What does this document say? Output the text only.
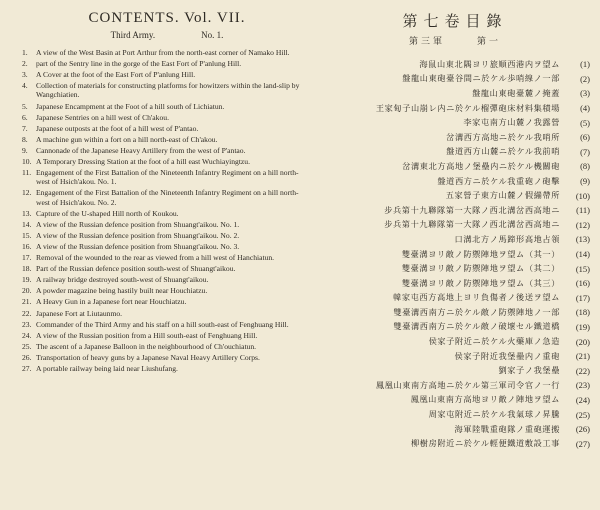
CONTENTS. Vol. VII.
Third Army.	No. 1.
1.	A view of the West Basin at Port Arthur from the north-east corner of Namako Hill.
2.	part of the Sentry line in the gorge of the East Fort of P'anlung Hill.
3.	A Cover at the foot of the East Fort of P'anlung Hill.
4.	Collection of materials for constructing platforms for howitzers within the land-slip by Wangchiatien.
5.	Japanese Encampment at the Foot of a hill south of Lichiatun.
6.	Japanese Sentries on a hill west of Ch'akou.
7.	Japanese outposts at the foot of a hill west of P'antao.
8.	A machine gun within a fort on a hill north-east of Ch'akou.
9.	Cannonade of the Japanese Heavy Artillery from the west of P'antao.
10. A Temporary Dressing Station at the foot of a hill east Wuchiayingtzu.
11. Engagement of the First Battalion of the Nineteenth Infantry Regiment on a hill north-west of Hsich'akou. No. 1.
12. Engagement of the First Battalion of the Nineteenth Infantry Regiment on a hill north-west of Hsich'akou. No. 2.
13. Capture of the U-shaped Hill north of Koukou.
14. A view of the Russian defence position from Shuangt'aikou. No. 1.
15. A view of the Russian defence position from Shuangt'aikou. No. 2.
16. A view of the Russian defence position from Shuangt'aikou. No. 3.
17. Removal of the wounded to the rear as viewed from a hill west of Hanchiatun.
18. Part of the Russian defence position south-west of Shuangt'aikou.
19. A railway bridge destroyed south-west of Shuangt'aikou.
20. A powder magazine being hastily built near Houchiatzu.
21. A Heavy Gun in a Japanese fort near Houchiatzu.
22. Japanese Fort at Liutaunmo.
23. Commander of the Third Army and his staff on a hill south-east of Fenghuang Hill.
24. A view of the Russian position from a Hill south-east of Fenghuang Hill.
25. The ascent of a Japanese Balloon in the neighbourhood of Ch'ouchiatun.
26. Transportation of heavy guns by a Japanese Naval Heavy Artillery Corps.
27. A portable railway being laid near Liushufang.
第七卷目錄
第三軍	第一
海鼠山東北隅ヨリ旅順西港内ヲ望ム	(1)
盤龍山東砲臺谷間ニ於ケル歩哨線ノ一部	(2)
盤龍山東砲臺麓ノ掩蓋	(3)
王家甸子山崩レ内ニ於ケル榴彈砲床材料集積場	(4)
李家屯南方山麓ノ我露營	(5)
岔溝西方高地ニ於ケル我哨所	(6)
盤道西方山麓ニ於ケル我前哨	(7)
岔溝東北方高地ノ堡壘内ニ於ケル機關砲	(8)
盤道西方ニ於ケル我重砲ノ砲擊	(9)
五家營子東方山麓ノ假繃帶所	(10)
步兵第十九聯隊第一大隊ノ西北溝岔西高地ニ	(11)
步兵第十九聯隊第一大隊ノ西北溝岔西高地ニ	(12)
口溝北方ノ馬蹄形高地占領	(13)
雙臺溝ヨリ敵ノ防禦陣地ヲ望ム（其一）	(14)
雙臺溝ヨリ敵ノ防禦陣地ヲ望ム（其二）	(15)
雙臺溝ヨリ敵ノ防禦陣地ヲ望ム（其三）	(16)
韓家屯西方高地上ヨリ負傷者ノ後送ヲ望ム	(17)
雙臺溝西南方ニ於ケル敵ノ防禦陣地ノ一部	(18)
雙臺溝西南方ニ於ケル敵ノ破壞セル鐵道橋	(19)
侯家子附近ニ於ケル火藥庫ノ急造	(20)
侯家子附近我堡壘内ノ重砲	(21)
劉家子ノ我堡壘	(22)
鳳凰山東南方高地ニ於ケル第三軍司令官ノ一行	(23)
鳳凰山東南方高地ヨリ敵ノ陣地ヲ望ム	(24)
周家屯附近ニ於ケル我氣球ノ昇騰	(25)
海軍陸戰重砲隊ノ重砲運搬	(26)
柳樹房附近ニ於ケル輕便鐵道敷設工事	(27)
